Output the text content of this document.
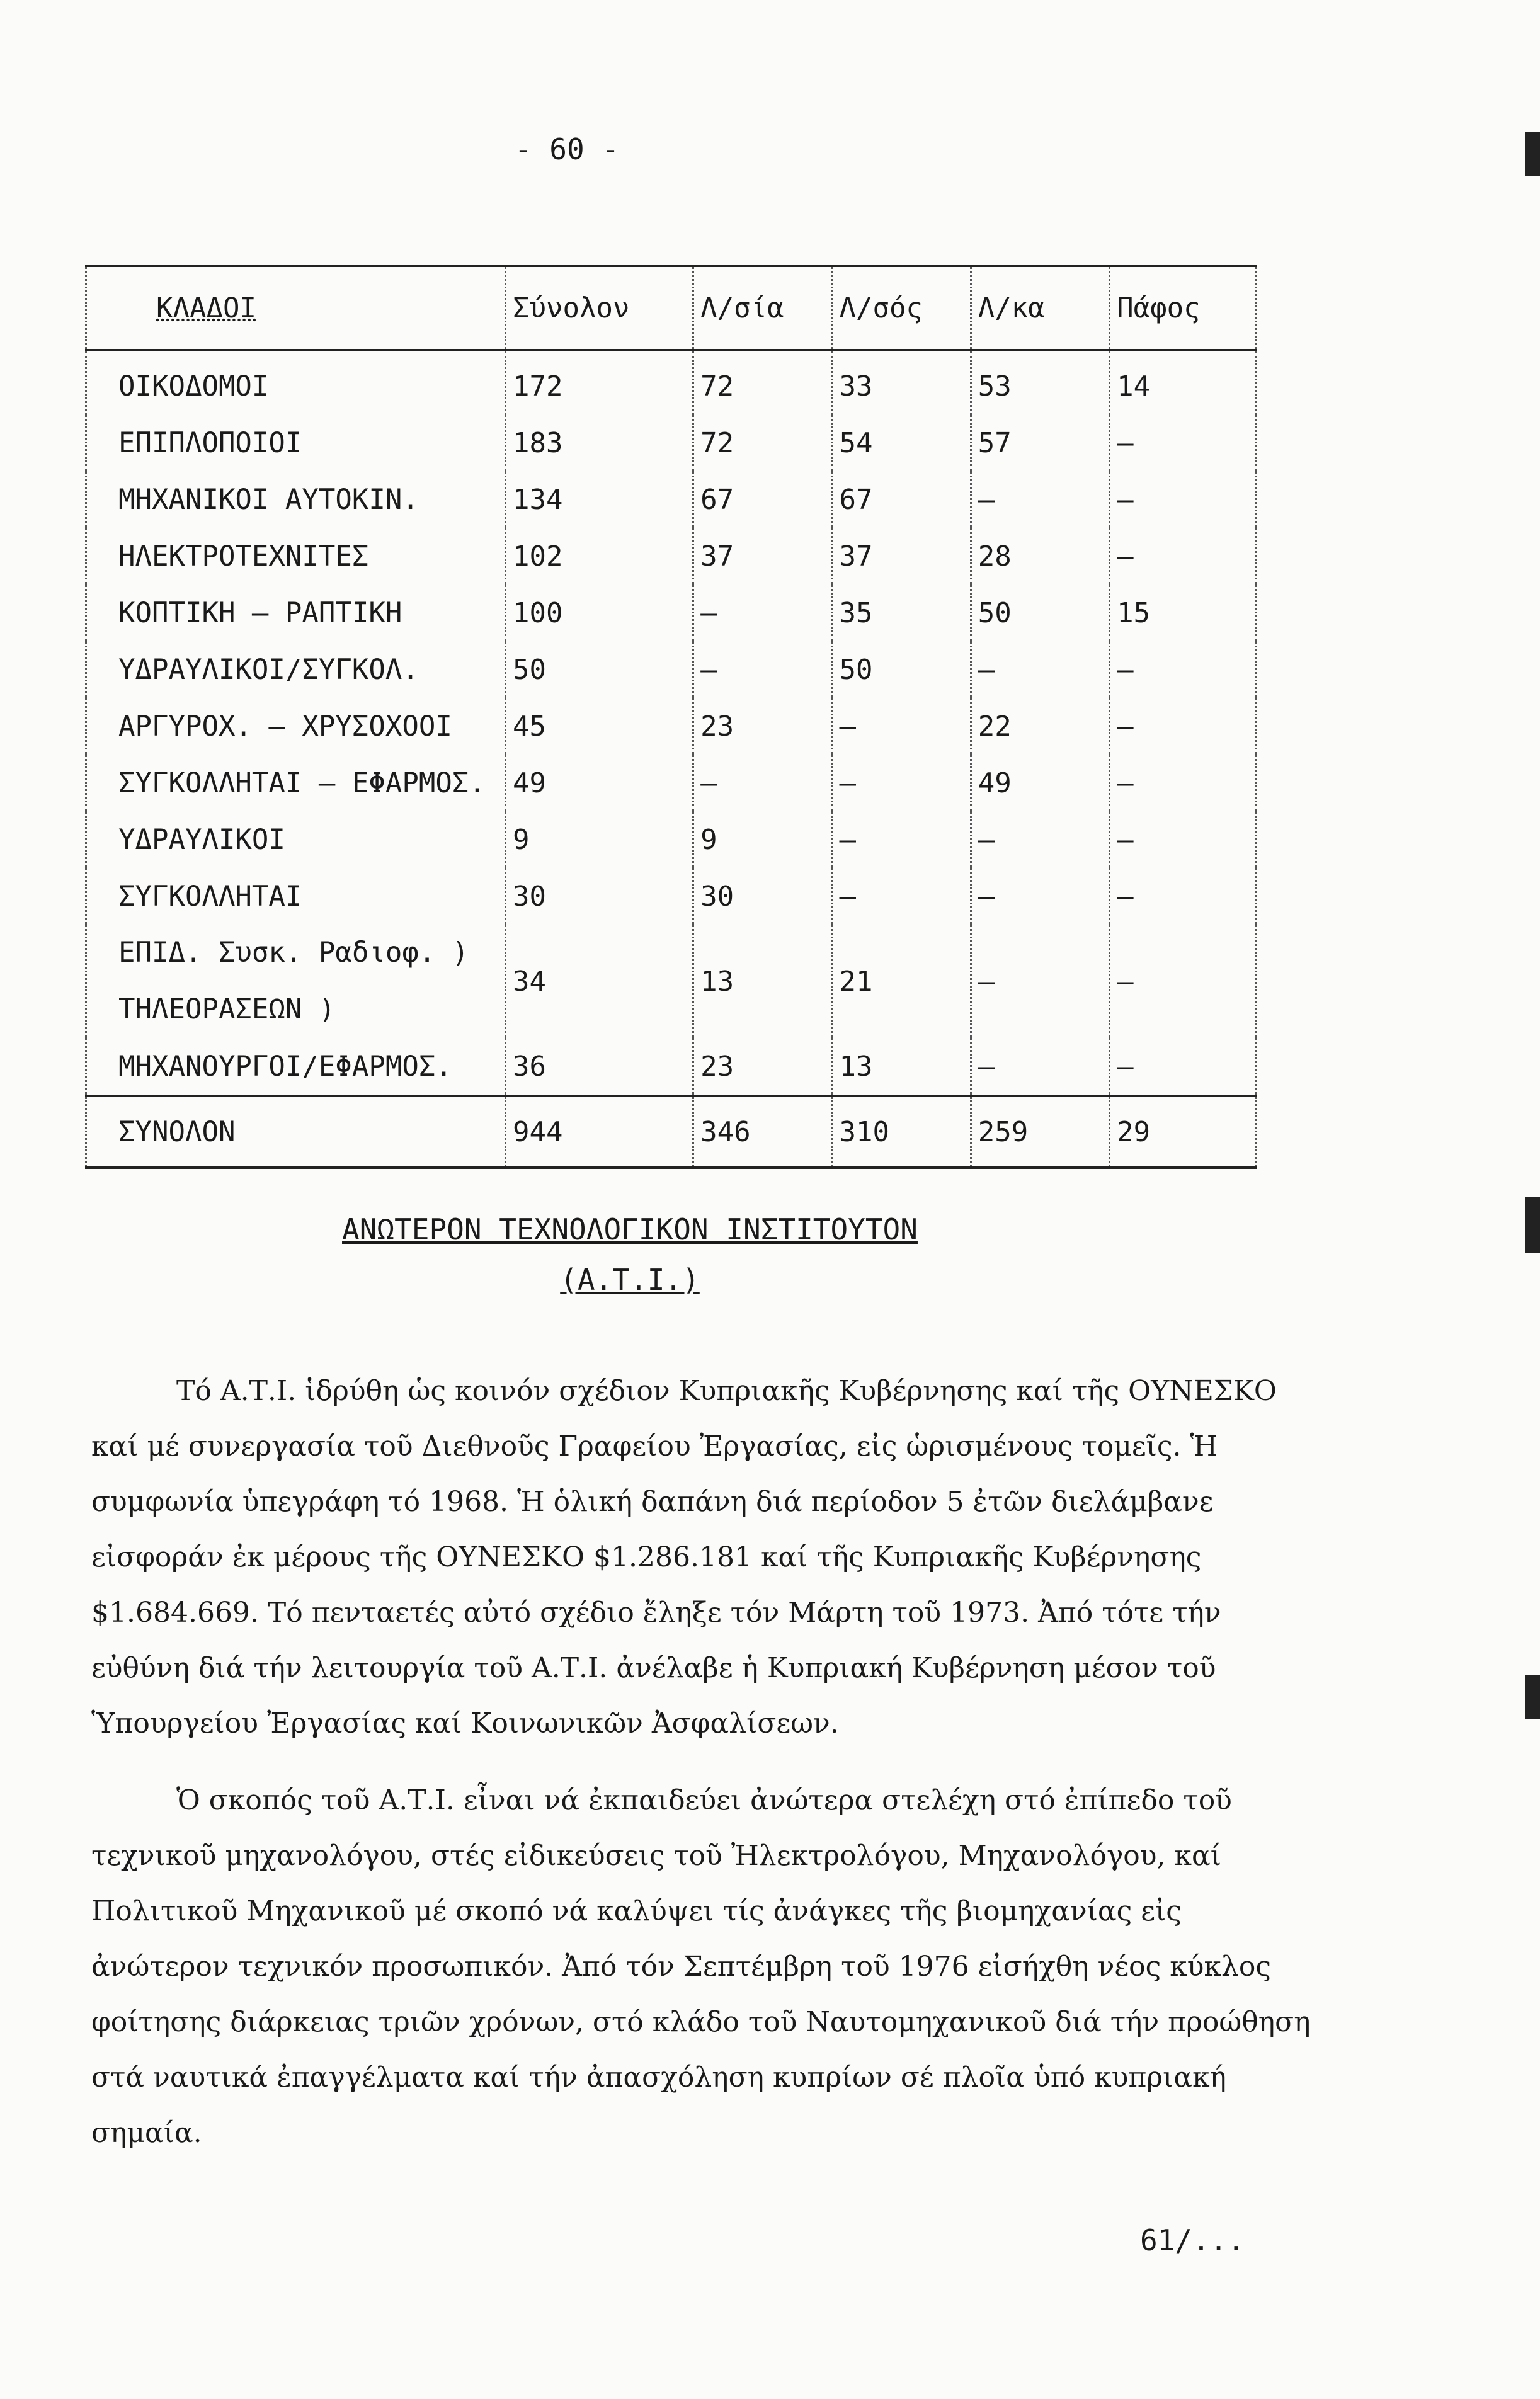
- 60 -
ΚΛΑΔΟΙ	Σύνολον	Λ/σία	Λ/σός	Λ/κα	Πάφος
ΟΙΚΟΔΟΜΟΙ	172	72	33	53	14
ΕΠΙΠΛΟΠΟΙΟΙ	183	72	54	57	—
ΜΗΧΑΝΙΚΟΙ ΑΥΤΟΚΙΝ.	134	67	67	—	—
ΗΛΕΚΤΡΟΤΕΧΝΙΤΕΣ	102	37	37	28	—
ΚΟΠΤΙΚΗ – ΡΑΠΤΙΚΗ	100	—	35	50	15
ΥΔΡΑΥΛΙΚΟΙ/ΣΥΓΚΟΛ.	50	—	50	—	—
ΑΡΓΥΡΟΧ. – ΧΡΥΣΟΧΟΟΙ	45	23	—	22	—
ΣΥΓΚΟΛΛΗΤΑΙ – ΕΦΑΡΜΟΣ.	49	—	—	49	—
ΥΔΡΑΥΛΙΚΟΙ	9	9	—	—	—
ΣΥΓΚΟΛΛΗΤΑΙ	30	30	—	—	—
ΕΠΙΔ. Συσκ. Ραδιοφ. ) ΤΗΛΕΟΡΑΣΕΩΝ )	34	13	21	—	—
ΜΗΧΑΝΟΥΡΓΟΙ/ΕΦΑΡΜΟΣ.	36	23	13	—	—
ΣΥΝΟΛΟΝ	944	346	310	259	29
ΑΝΩΤΕΡΟΝ ΤΕΧΝΟΛΟΓΙΚΟΝ ΙΝΣΤΙΤΟΥΤΟΝ
(Α.Τ.Ι.)

Τό Α.Τ.Ι. ἱδρύθη ὡς κοινόν σχέδιον Κυπριακῆς Κυβέρνησης καί τῆς ΟΥΝΕΣΚΟ καί μέ συνεργασία τοῦ Διεθνοῦς Γραφείου Ἐργασίας, εἰς ὡρισμένους τομεῖς. Ἡ συμφωνία ὑπεγράφη τό 1968. Ἡ ὁλική δαπάνη διά περίοδον 5 ἐτῶν διελάμβανε εἰσφοράν ἐκ μέρους τῆς ΟΥΝΕΣΚΟ $1.286.181 καί τῆς Κυπριακῆς Κυβέρνησης $1.684.669. Τό πενταετές αὐτό σχέδιο ἔληξε τόν Μάρτη τοῦ 1973. Ἀπό τότε τήν εὐθύνη διά τήν λειτουργία τοῦ Α.Τ.Ι. ἀνέλαβε ἡ Κυπριακή Κυβέρνηση μέσον τοῦ Ὑπουργείου Ἐργασίας καί Κοινωνικῶν Ἀσφαλίσεων.

Ὁ σκοπός τοῦ Α.Τ.Ι. εἶναι νά ἐκπαιδεύει ἀνώτερα στελέχη στό ἐπίπεδο τοῦ τεχνικοῦ μηχανολόγου, στές εἰδικεύσεις τοῦ Ἠλεκτρολόγου, Μηχανολόγου, καί Πολιτικοῦ Μηχανικοῦ μέ σκοπό νά καλύψει τίς ἀνάγκες τῆς βιομηχανίας εἰς ἀνώτερον τεχνικόν προσωπικόν. Ἀπό τόν Σεπτέμβρη τοῦ 1976 εἰσήχθη νέος κύκλος φοίτησης διάρκειας τριῶν χρόνων, στό κλάδο τοῦ Ναυτομηχανικοῦ διά τήν προώθηση στά ναυτικά ἐπαγγέλματα καί τήν ἀπασχόληση κυπρίων σέ πλοῖα ὑπό κυπριακή σημαία.

61/...
